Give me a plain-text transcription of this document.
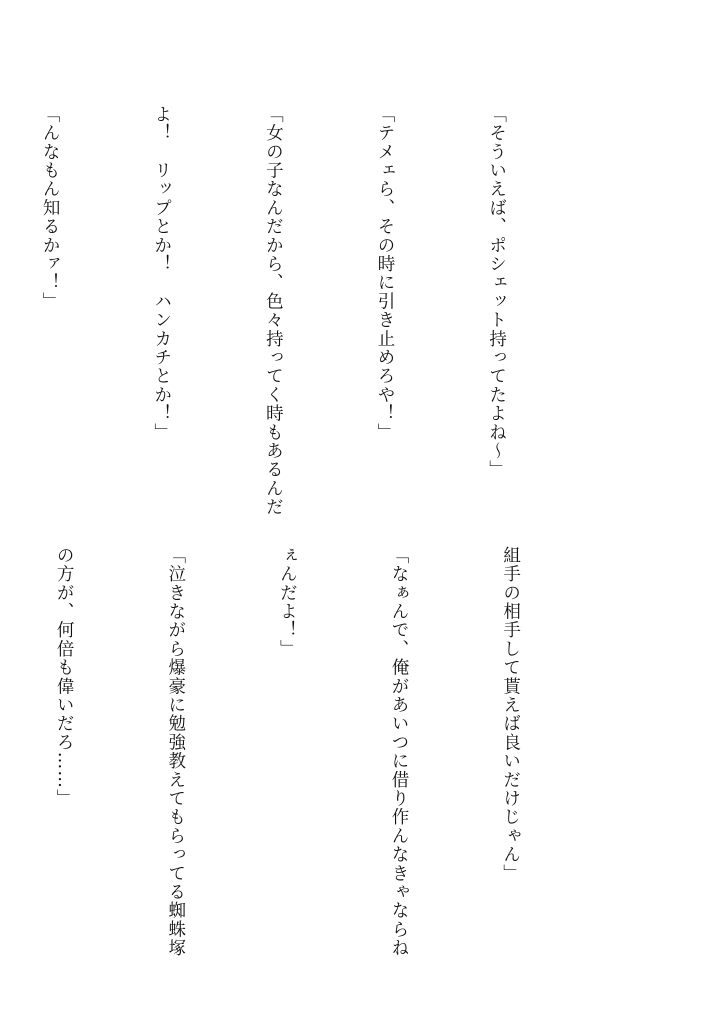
「そういえば、ポシェット持ってたよね〜」

「テメェら、その時に引き止めろや！」

「女の子なんだから、色々持ってく時もあるんだ

よ！　リップとか！　ハンカチとか！」

「んなもん知るかァ！」

組手の相手して貰えば良いだけじゃん」

「なぁんで、俺があいつに借り作んなきゃならね

ぇんだよ！」

「泣きながら爆豪に勉強教えてもらってる蜘蛛塚

の方が、何倍も偉いだろ……」
